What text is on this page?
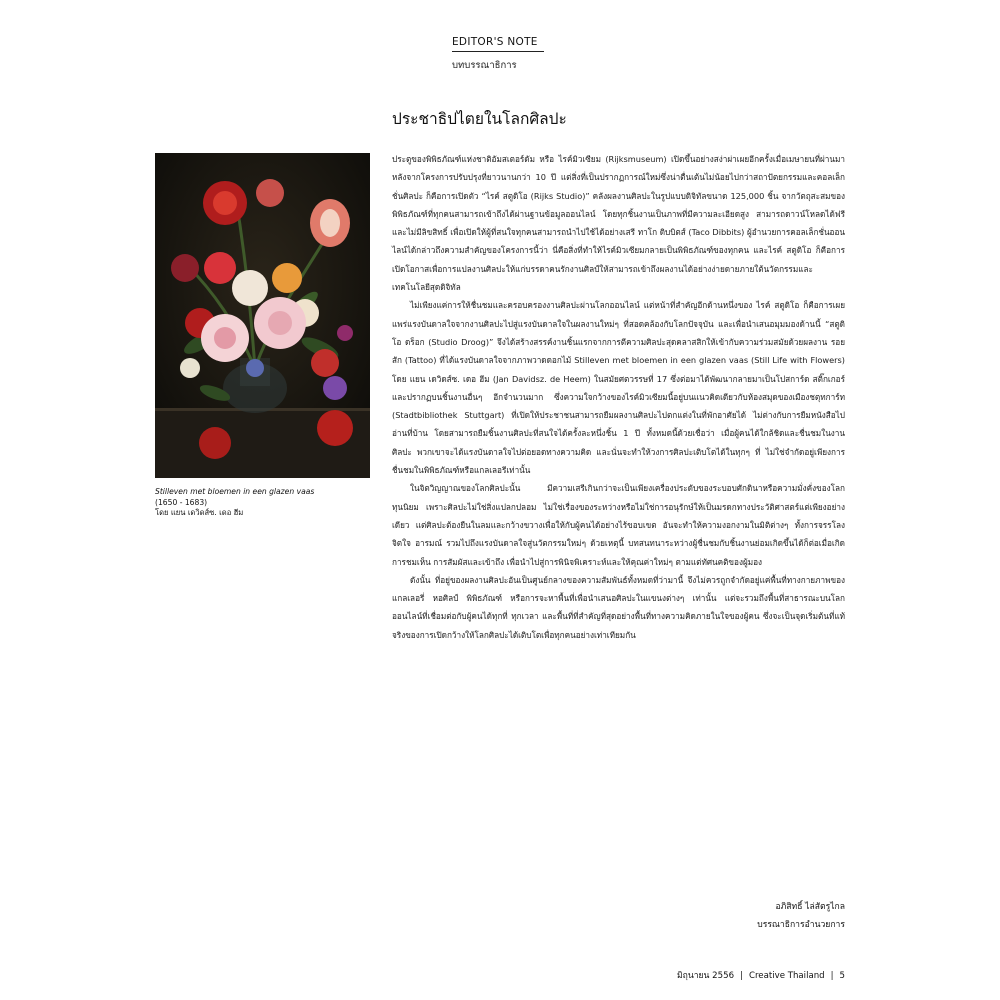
EDITOR'S NOTE
บทบรรณาธิการ
ประชาธิปไตยในโลกศิลปะ
Stilleven met bloemen in een glazen vaas
(1650 - 1683)
โดย แยน เดวิดส์ซ. เดอ ฮีม

ประตูของพิพิธภัณฑ์แห่งชาติอัมสเตอร์ดัม หรือ ไรค์มิวเซียม (Rijksmuseum) เปิดขึ้นอย่างสง่าผ่าเผยอีกครั้งเมื่อเมษายนที่ผ่านมา หลังจากโครงการปรับปรุงที่ยาวนานกว่า 10 ปี แต่สิ่งที่เป็นปรากฏการณ์ใหม่ซึ่งน่าตื่นเต้นไม่น้อยไปกว่าสถาปัตยกรรมและคอลเล็กชั่นศิลปะ ก็คือการเปิดตัว “ไรค์ สตูดิโอ (Rijks Studio)” คลังผลงานศิลปะในรูปแบบดิจิทัลขนาด 125,000 ชิ้น จากวัตถุสะสมของพิพิธภัณฑ์ที่ทุกคนสามารถเข้าถึงได้ผ่านฐานข้อมูลออนไลน์ โดยทุกชิ้นงานเป็นภาพที่มีความละเอียดสูง สามารถดาวน์โหลดได้ฟรีและไม่มีลิขสิทธิ์ เพื่อเปิดให้ผู้ที่สนใจทุกคนสามารถนำไปใช้ได้อย่างเสรี ทาโก ดิบบิตส์ (Taco Dibbits) ผู้อำนวยการคอลเล็กชั่นออนไลน์ได้กล่าวถึงความสำคัญของโครงการนี้ว่า นี่คือสิ่งที่ทำให้ไรค์มิวเซียมกลายเป็นพิพิธภัณฑ์ของทุกคน และไรค์ สตูดิโอ ก็คือการเปิดโอกาสเพื่อการแปลงานศิลปะให้แก่บรรดาคนรักงานศิลป์ให้สามารถเข้าถึงผลงานได้อย่างง่ายดายภายใต้นวัตกรรมและเทคโนโลยีสุดดิจิทัล

ไม่เพียงแค่การให้ชื่นชมและครอบครองงานศิลปะผ่านโลกออนไลน์ แต่หน้าที่สำคัญอีกด้านหนึ่งของ ไรค์ สตูดิโอ ก็คือการเผยแพร่แรงบันดาลใจจากงานศิลปะไปสู่แรงบันดาลใจในผลงานใหม่ๆ ที่สอดคล้องกับโลกปัจจุบัน และเพื่อนำเสนอมุมมองด้านนี้ “สตูดิโอ ดร็อก (Studio Droog)” จึงได้สร้างสรรค์งานชิ้นแรกจากการตีความศิลปะสุดคลาสสิกให้เข้ากับความร่วมสมัยด้วยผลงาน รอยสัก (Tattoo) ที่ได้แรงบันดาลใจจากภาพวาดดอกไม้ Stilleven met bloemen in een glazen vaas (Still Life with Flowers) โดย แยน เดวิดส์ซ. เดอ ฮีม (Jan Davidsz. de Heem) ในสมัยศตวรรษที่ 17 ซึ่งต่อมาได้พัฒนากลายมาเป็นโปสการ์ด สติ๊กเกอร์ และปรากฏบนชิ้นงานอื่นๆ อีกจำนวนมาก ซึ่งความใจกว้างของไรค์มิวเซียมนี้อยู่บนแนวคิดเดียวกับห้องสมุดของเมืองชตุทการ์ท (Stadtbibliothek Stuttgart) ที่เปิดให้ประชาชนสามารถยืมผลงานศิลปะไปตกแต่งในที่พักอาศัยได้ ไม่ต่างกับการยืมหนังสือไปอ่านที่บ้าน โดยสามารถยืมชิ้นงานศิลปะที่สนใจได้ครั้งละหนึ่งชิ้น 1 ปี ทั้งหมดนี้ด้วยเชื่อว่า เมื่อผู้คนได้ใกล้ชิดและชื่นชมในงานศิลปะ พวกเขาจะได้แรงบันดาลใจไปต่อยอดทางความคิด และนั่นจะทำให้วงการศิลปะเติบโตได้ในทุกๆ ที่ ไม่ใช่จำกัดอยู่เพียงการชื่นชมในพิพิธภัณฑ์หรือแกลเลอรีเท่านั้น

ในจิตวิญญาณของโลกศิลปะนั้น มีความเสรีเกินกว่าจะเป็นเพียงเครื่องประดับของระบอบศักดินาหรือความมั่งคั่งของโลกทุนนิยม เพราะศิลปะไม่ใช่สิ่งแปลกปลอม ไม่ใช่เรื่องของระหว่างหรือไม่ใช่การอนุรักษ์ให้เป็นมรดกทางประวัติศาสตร์แต่เพียงอย่างเดียว แต่ศิลปะต้องยืนในลมและกว้างขวางเพื่อให้กับผู้คนได้อย่างไร้ขอบเขต อันจะทำให้ความงอกงามในมิติต่างๆ ทั้งการจรรโลงจิตใจ อารมณ์ รวมไปถึงแรงบันดาลใจสู่นวัตกรรมใหม่ๆ ด้วยเหตุนี้ บทสนทนาระหว่างผู้ชื่นชมกับชิ้นงานย่อมเกิดขึ้นได้ก็ต่อเมื่อเกิดการชมเห็น การสัมผัสและเข้าถึง เพื่อนำไปสู่การพินิจพิเคราะห์และให้คุณค่าใหม่ๆ ตามแต่ทัศนคติของผู้มอง

ดังนั้น ที่อยู่ของผลงานศิลปะอันเป็นศูนย์กลางของความสัมพันธ์ทั้งหมดที่ว่ามานี้ จึงไม่ควรถูกจำกัดอยู่แค่พื้นที่ทางกายภาพของแกลเลอรี่ หอศิลป์ พิพิธภัณฑ์ หรือการจะหาพื้นที่เพื่อนำเสนอศิลปะในแขนงต่างๆ เท่านั้น แต่จะรวมถึงพื้นที่สาธารณะบนโลกออนไลน์ที่เชื่อมต่อกับผู้คนได้ทุกที่ ทุกเวลา และพื้นที่ที่สำคัญที่สุดอย่างพื้นที่ทางความคิดภายในใจของผู้คน ซึ่งจะเป็นจุดเริ่มต้นที่แท้จริงของการเปิดกว้างให้โลกศิลปะได้เติบโตเพื่อทุกคนอย่างเท่าเทียมกัน

อภิสิทธิ์ ไล่สัตรูไกล
บรรณาธิการอำนวยการ
มิถุนายน 2556 | Creative Thailand | 5
